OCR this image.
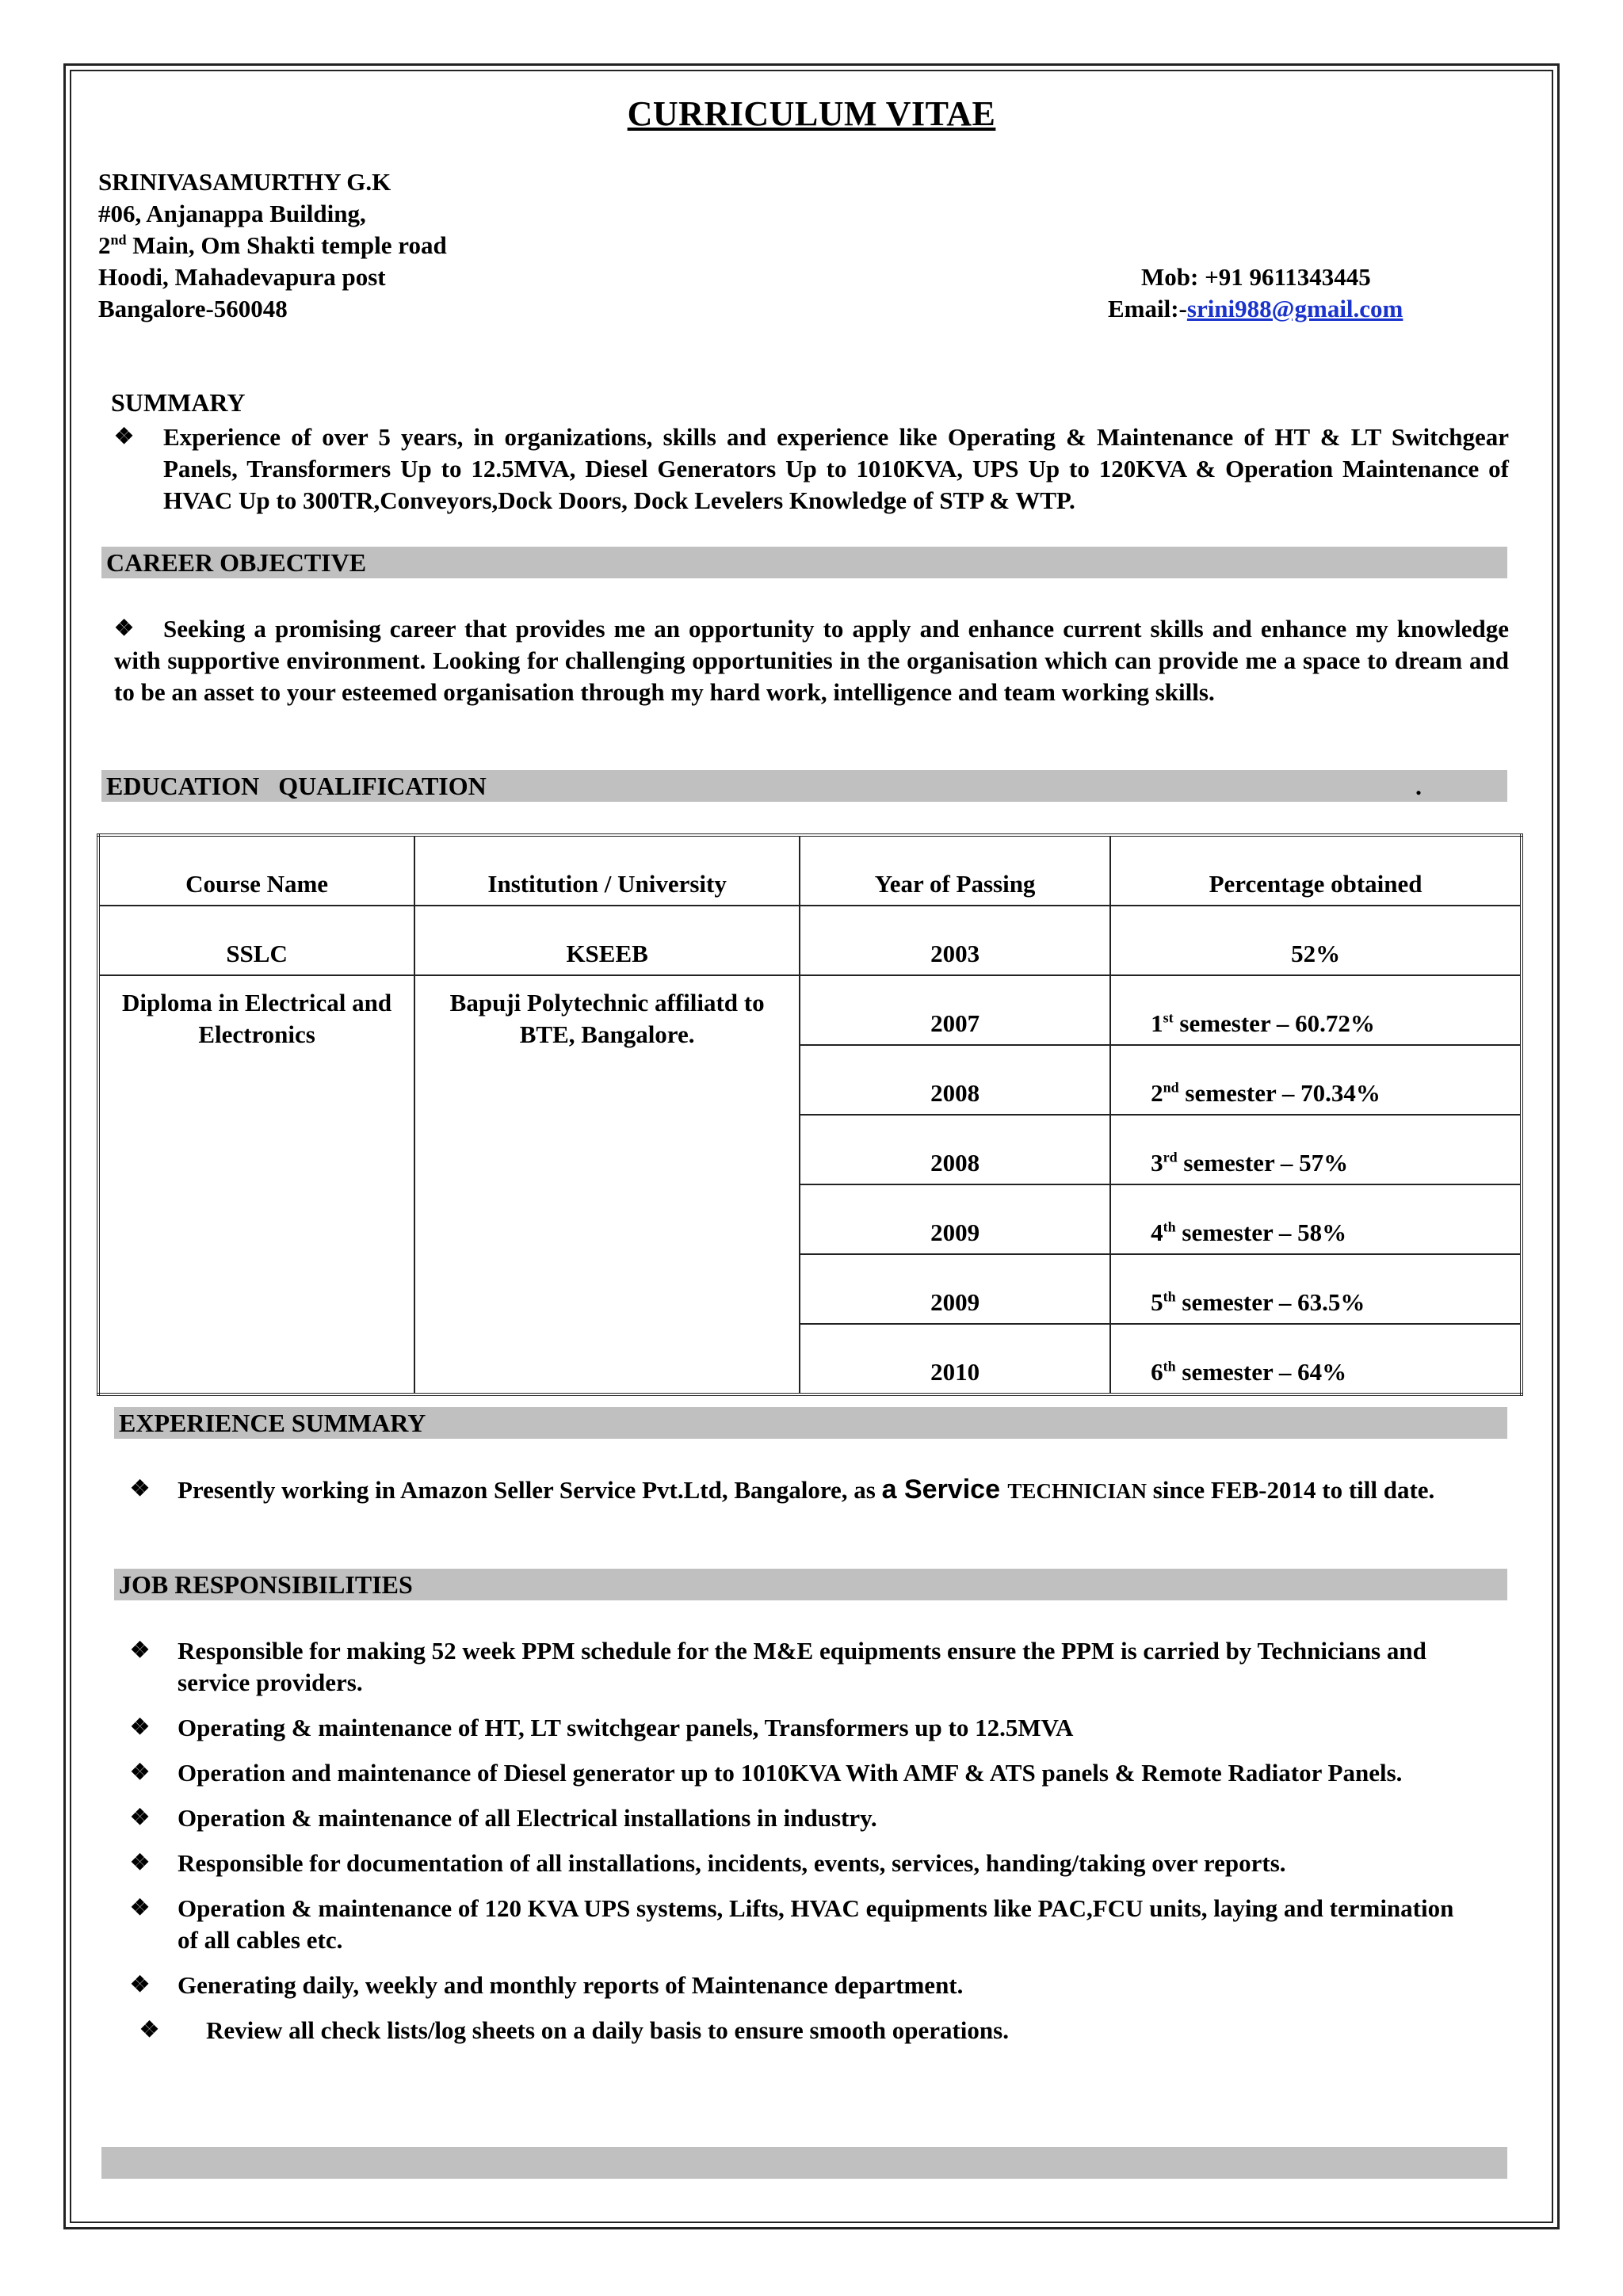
CURRICULUM VITAE
SRINIVASAMURTHY G.K
#06, Anjanappa Building,
2nd Main, Om Shakti temple road
Hoodi, Mahadevapura post
Bangalore-560048
Mob: +91 9611343445
Email:-srini988@gmail.com
SUMMARY
❖ Experience of over 5 years, in organizations, skills and experience like Operating & Maintenance of HT & LT Switchgear Panels, Transformers Up to 12.5MVA, Diesel Generators Up to 1010KVA, UPS Up to 120KVA & Operation Maintenance of HVAC Up to 300TR,Conveyors,Dock Doors, Dock Levelers Knowledge of STP & WTP.
CAREER OBJECTIVE
❖	Seeking a promising career that provides me an opportunity to apply and enhance current skills and enhance my knowledge with supportive environment. Looking for challenging opportunities in the organisation which can provide me a space to dream and to be an asset to your esteemed organisation through my hard work, intelligence and team working skills.
EDUCATION   QUALIFICATION	.
Course Name	Institution / University	Year of Passing	Percentage obtained
SSLC	KSEEB	2003	52%
Diploma in Electrical and Electronics	Bapuji Polytechnic affiliatd to BTE, Bangalore.	2007	1st semester – 60.72%
		2008	2nd semester – 70.34%
		2008	3rd semester – 57%
		2009	4th semester – 58%
		2009	5th semester – 63.5%
		2010	6th semester – 64%
EXPERIENCE SUMMARY
❖ Presently working in Amazon Seller Service Pvt.Ltd, Bangalore, as a Service TECHNICIAN since FEB-2014 to till date.
JOB RESPONSIBILITIES
❖ Responsible for making 52 week PPM schedule for the M&E equipments ensure the PPM is carried by Technicians and service providers.
❖ Operating & maintenance of HT, LT switchgear panels, Transformers up to 12.5MVA
❖ Operation and maintenance of Diesel generator up to 1010KVA With AMF & ATS panels & Remote Radiator Panels.
❖ Operation & maintenance of all Electrical installations in industry.
❖ Responsible for documentation of all installations, incidents, events, services, handing/taking over reports.
❖ Operation & maintenance of 120 KVA UPS systems, Lifts, HVAC equipments like PAC,FCU units, laying and termination of all cables etc.
❖ Generating daily, weekly and monthly reports of Maintenance department.
❖ Review all check lists/log sheets on a daily basis to ensure smooth operations.
